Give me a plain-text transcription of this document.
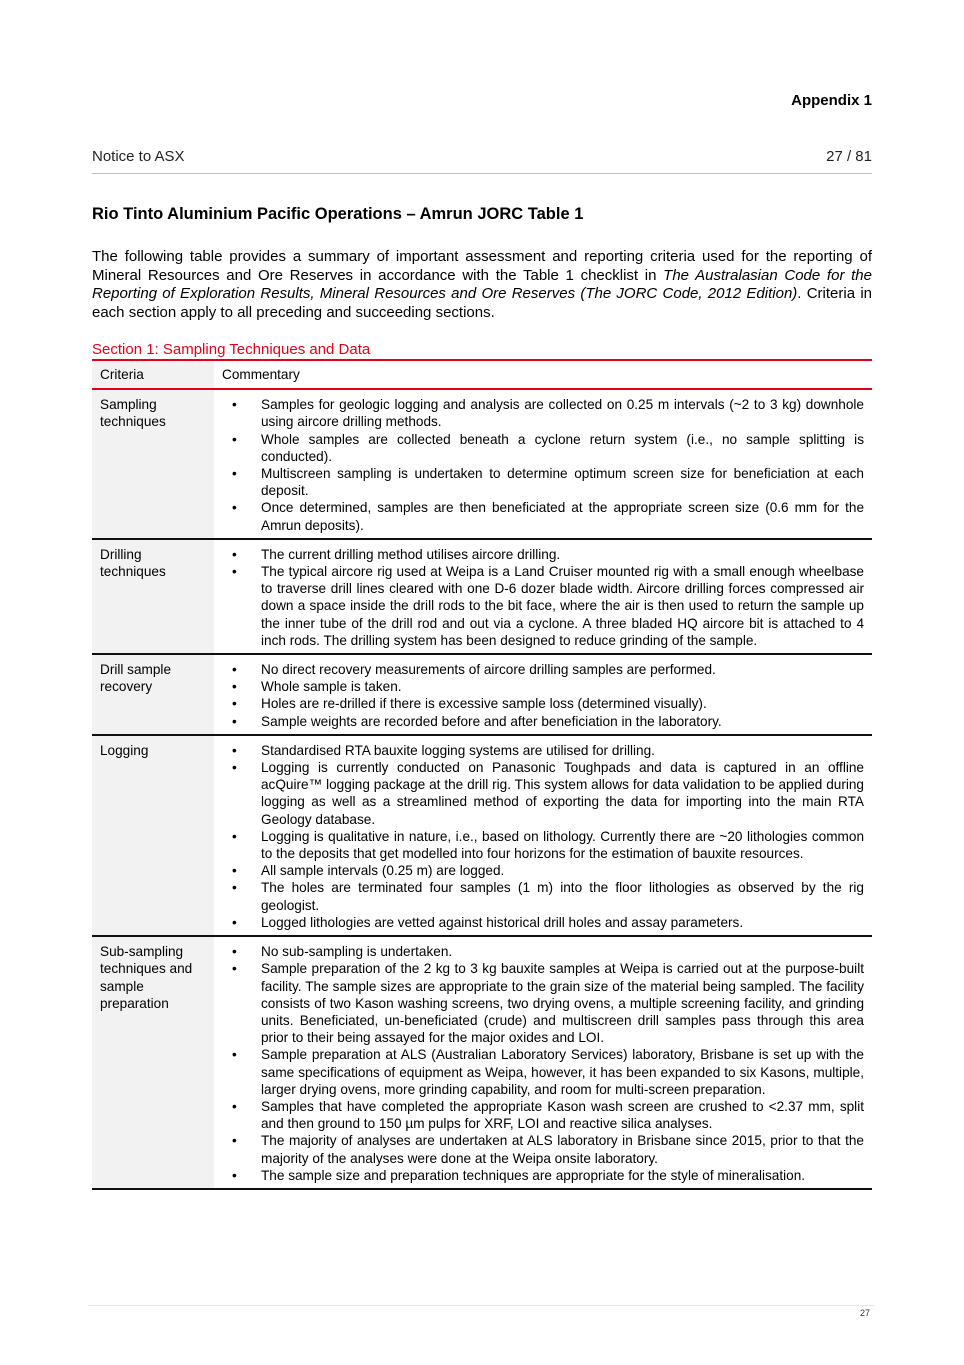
Appendix 1
Notice to ASX	27 / 81
Rio Tinto Aluminium Pacific Operations – Amrun JORC Table 1

The following table provides a summary of important assessment and reporting criteria used for the reporting of Mineral Resources and Ore Reserves in accordance with the Table 1 checklist in The Australasian Code for the Reporting of Exploration Results, Mineral Resources and Ore Reserves (The JORC Code, 2012 Edition). Criteria in each section apply to all preceding and succeeding sections.

Section 1: Sampling Techniques and Data
Criteria	Commentary
Sampling techniques	
• Samples for geologic logging and analysis are collected on 0.25 m intervals (~2 to 3 kg) downhole using aircore drilling methods.
• Whole samples are collected beneath a cyclone return system (i.e., no sample splitting is conducted).
• Multiscreen sampling is undertaken to determine optimum screen size for beneficiation at each deposit.
• Once determined, samples are then beneficiated at the appropriate screen size (0.6 mm for the Amrun deposits).

Drilling techniques	
• The current drilling method utilises aircore drilling.
• The typical aircore rig used at Weipa is a Land Cruiser mounted rig with a small enough wheelbase to traverse drill lines cleared with one D-6 dozer blade width. Aircore drilling forces compressed air down a space inside the drill rods to the bit face, where the air is then used to return the sample up the inner tube of the drill rod and out via a cyclone. A three bladed HQ aircore bit is attached to 4 inch rods. The drilling system has been designed to reduce grinding of the sample.

Drill sample recovery	
• No direct recovery measurements of aircore drilling samples are performed.
• Whole sample is taken.
• Holes are re-drilled if there is excessive sample loss (determined visually).
• Sample weights are recorded before and after beneficiation in the laboratory.

Logging	• Standardised RTA bauxite logging systems are utilised for drilling.
• Logging is currently conducted on Panasonic Toughpads and data is captured in an offline acQuire™ logging package at the drill rig. This system allows for data validation to be applied during logging as well as a streamlined method of exporting the data for importing into the main RTA Geology database.
• Logging is qualitative in nature, i.e., based on lithology. Currently there are ~20 lithologies common to the deposits that get modelled into four horizons for the estimation of bauxite resources.
• All sample intervals (0.25 m) are logged.
• The holes are terminated four samples (1 m) into the floor lithologies as observed by the rig geologist.
• Logged lithologies are vetted against historical drill holes and assay parameters.

Sub-sampling techniques and sample preparation	
• No sub-sampling is undertaken.
• Sample preparation of the 2 kg to 3 kg bauxite samples at Weipa is carried out at the purpose-built facility. The sample sizes are appropriate to the grain size of the material being sampled. The facility consists of two Kason washing screens, two drying ovens, a multiple screening facility, and grinding units. Beneficiated, un-beneficiated (crude) and multiscreen drill samples pass through this area prior to their being assayed for the major oxides and LOI.
• Sample preparation at ALS (Australian Laboratory Services) laboratory, Brisbane is set up with the same specifications of equipment as Weipa, however, it has been expanded to six Kasons, multiple, larger drying ovens, more grinding capability, and room for multi-screen preparation.
• Samples that have completed the appropriate Kason wash screen are crushed to <2.37 mm, split and then ground to 150 µm pulps for XRF, LOI and reactive silica analyses.
• The majority of analyses are undertaken at ALS laboratory in Brisbane since 2015, prior to that the majority of the analyses were done at the Weipa onsite laboratory.
• The sample size and preparation techniques are appropriate for the style of mineralisation.
27
